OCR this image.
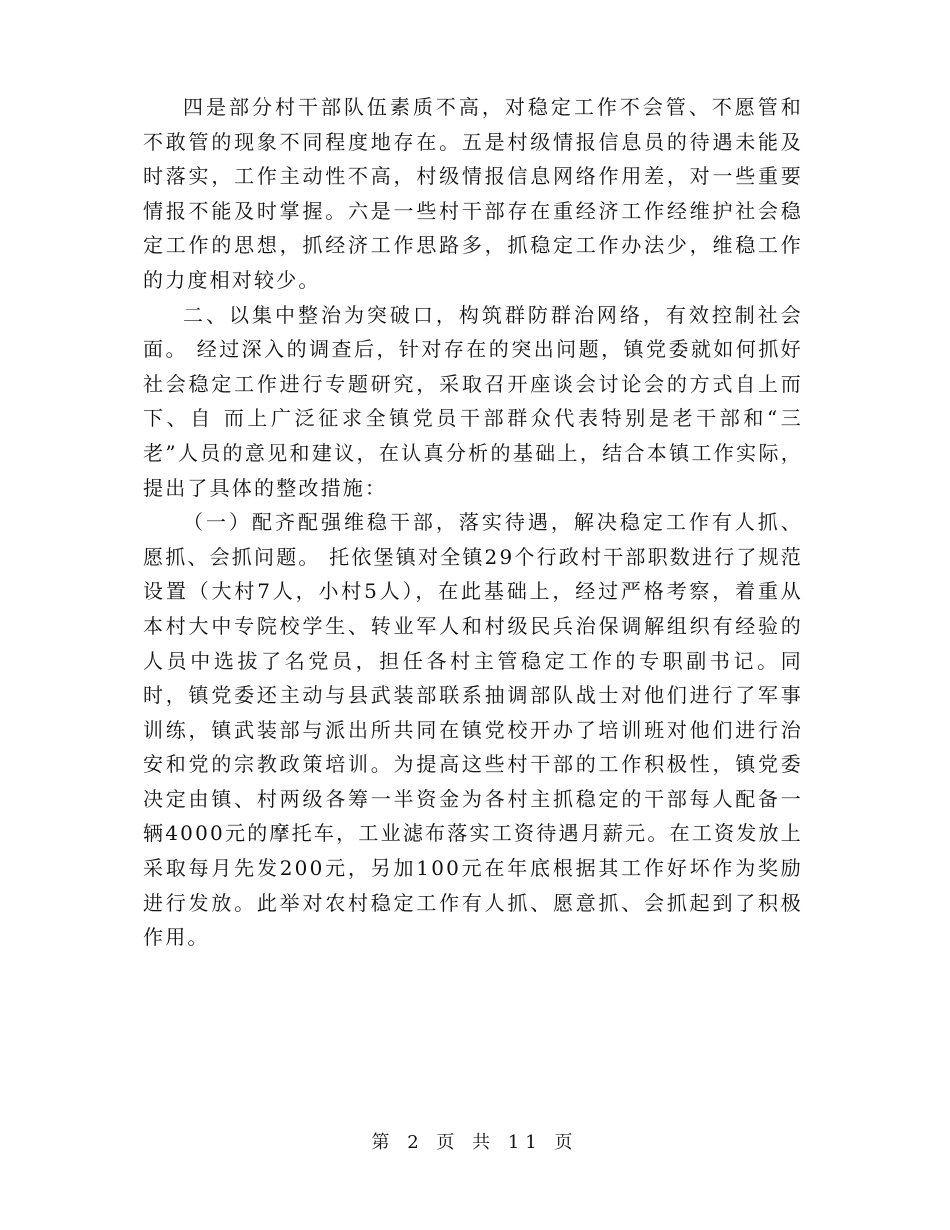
四是部分村干部队伍素质不高，对稳定工作不会管、不愿管和不敢管的现象不同程度地存在。五是村级情报信息员的待遇未能及时落实，工作主动性不高，村级情报信息网络作用差，对一些重要情报不能及时掌握。六是一些村干部存在重经济工作经维护社会稳定工作的思想，抓经济工作思路多，抓稳定工作办法少，维稳工作的力度相对较少。

二、以集中整治为突破口，构筑群防群治网络，有效控制社会面。 经过深入的调查后，针对存在的突出问题，镇党委就如何抓好社会稳定工作进行专题研究，采取召开座谈会讨论会的方式自上而下、自 而上广泛征求全镇党员干部群众代表特别是老干部和“三老”人员的意见和建议，在认真分析的基础上，结合本镇工作实际，提出了具体的整改措施：

（一）配齐配强维稳干部，落实待遇，解决稳定工作有人抓、愿抓、会抓问题。 托依堡镇对全镇29个行政村干部职数进行了规范设置（大村7人，小村5人），在此基础上，经过严格考察，着重从本村大中专院校学生、转业军人和村级民兵治保调解组织有经验的人员中选拔了名党员，担任各村主管稳定工作的专职副书记。同时，镇党委还主动与县武装部联系抽调部队战士对他们进行了军事训练，镇武装部与派出所共同在镇党校开办了培训班对他们进行治安和党的宗教政策培训。为提高这些村干部的工作积极性，镇党委决定由镇、村两级各筹一半资金为各村主抓稳定的干部每人配备一辆4000元的摩托车，工业滤布落实工资待遇月薪元。在工资发放上采取每月先发200元，另加100元在年底根据其工作好坏作为奖励进行发放。此举对农村稳定工作有人抓、愿意抓、会抓起到了积极作用。

第 2 页 共 11 页
